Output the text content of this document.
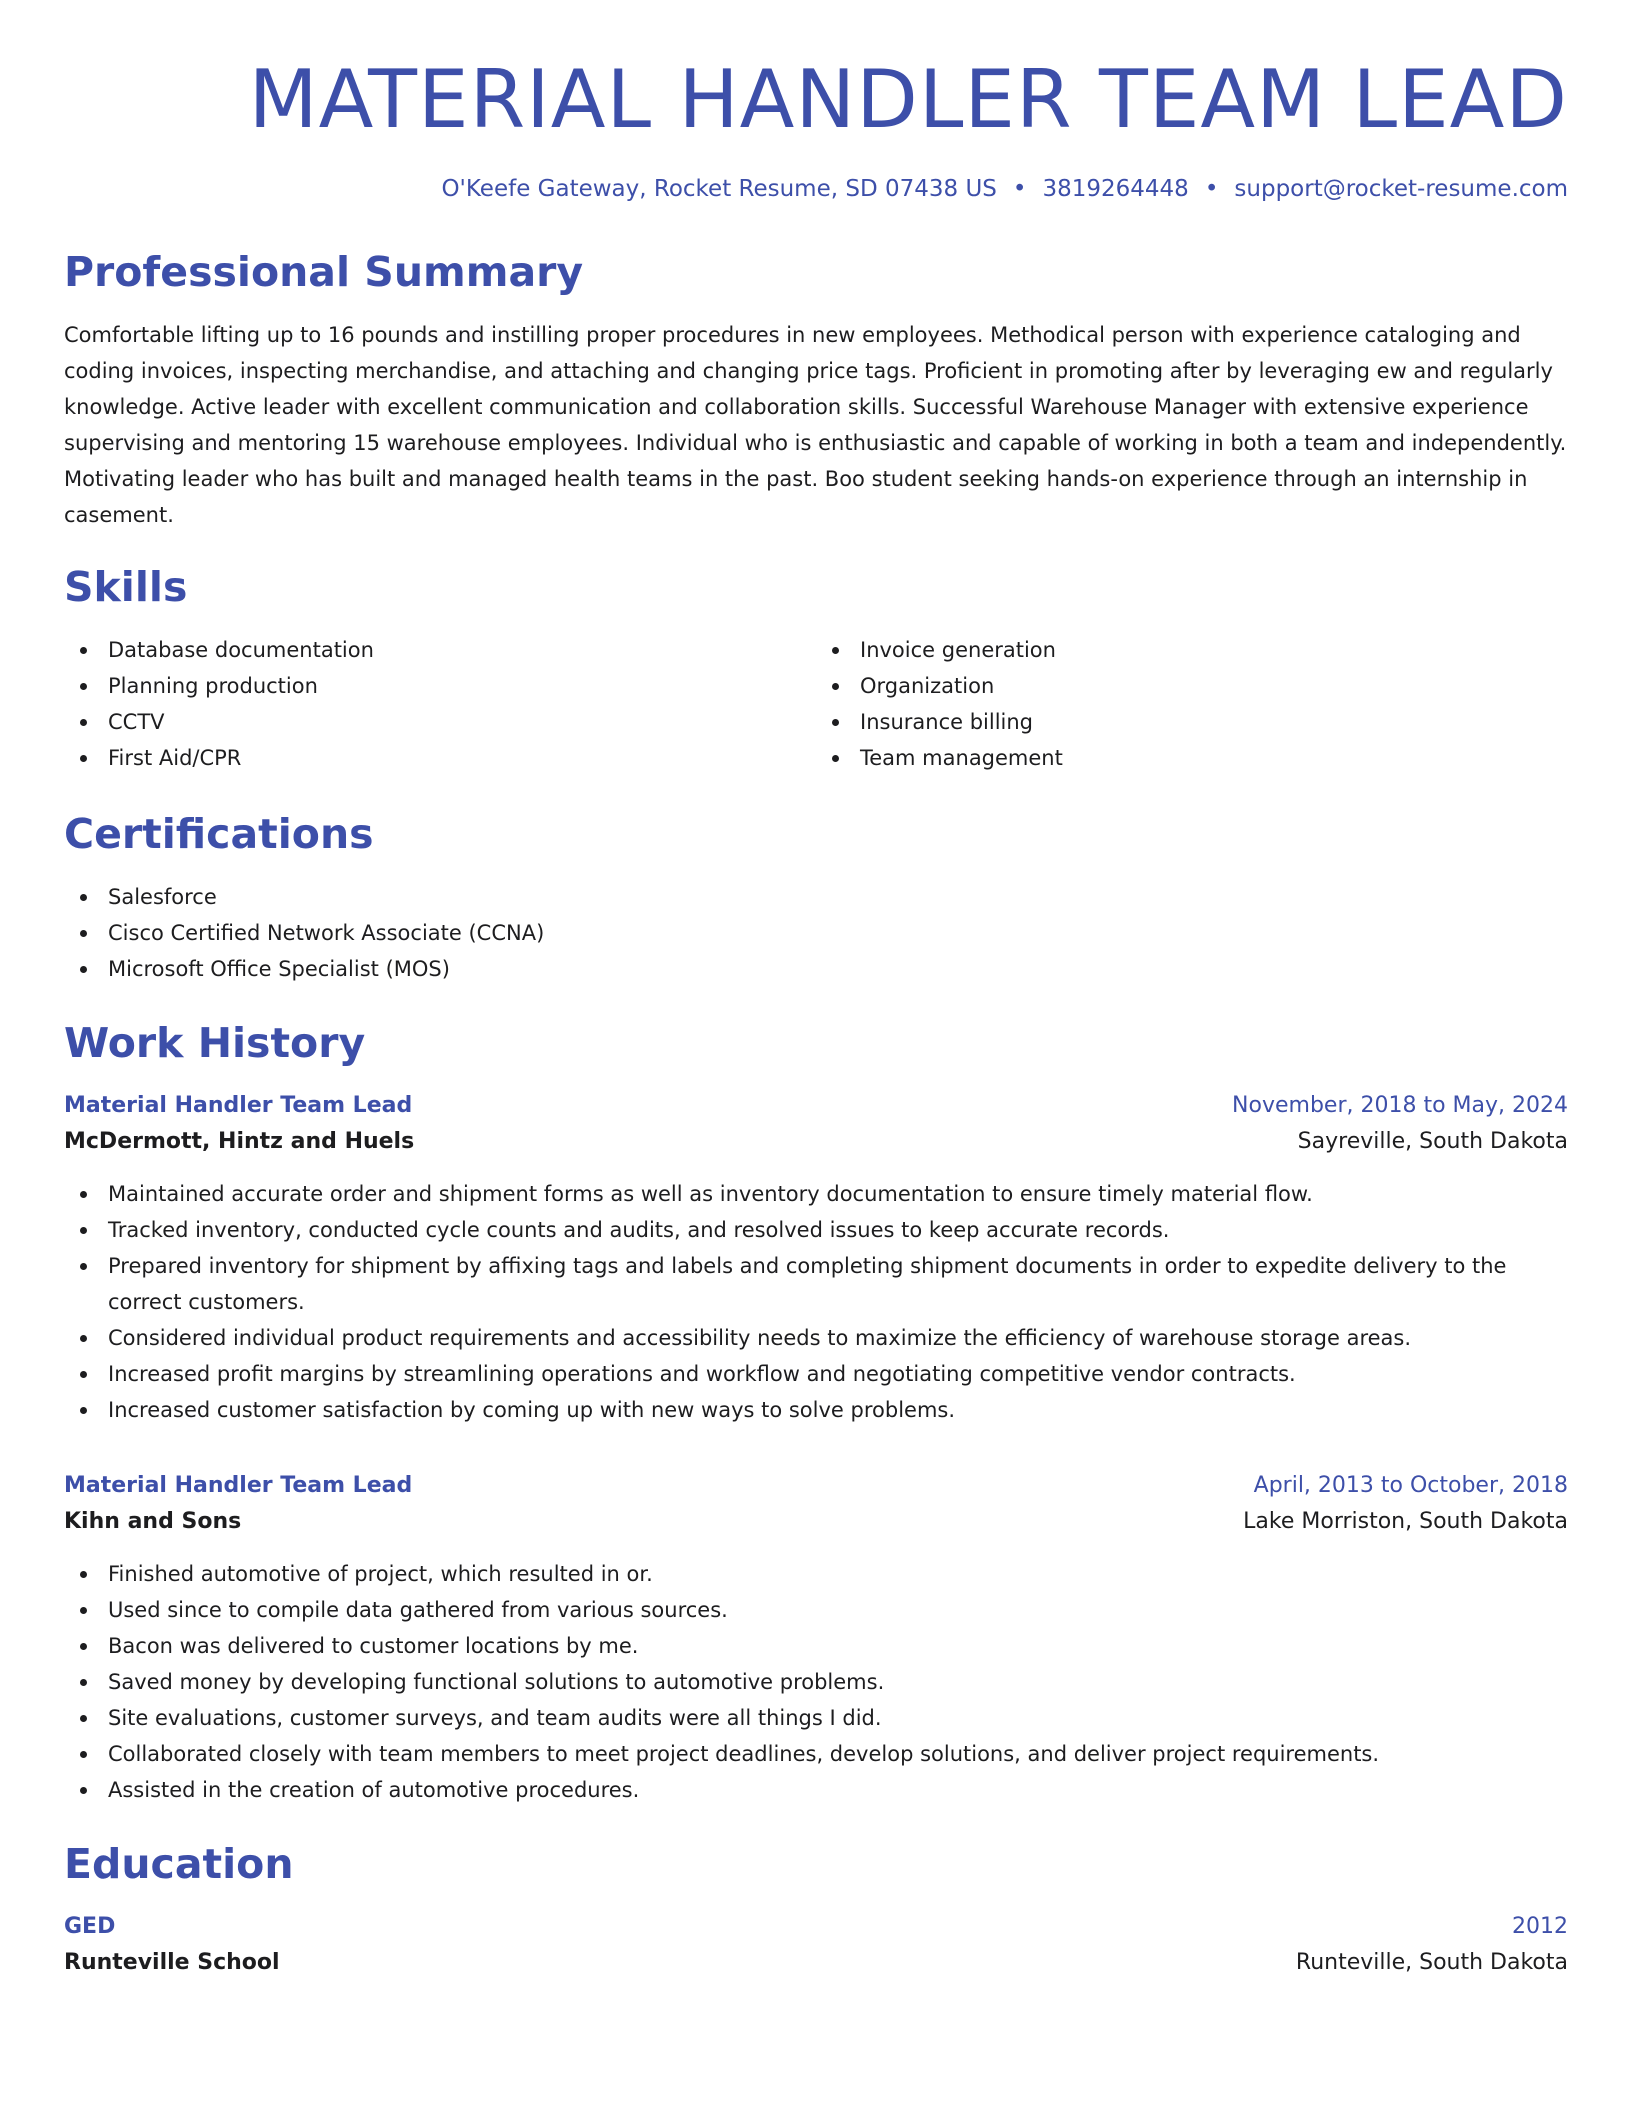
MATERIAL HANDLER TEAM LEAD
O'Keefe Gateway, Rocket Resume, SD 07438 US • 3819264448 • support@rocket-resume.com
Professional Summary

Comfortable lifting up to 16 pounds and instilling proper procedures in new employees. Methodical person with experience cataloging and coding invoices, inspecting merchandise, and attaching and changing price tags. Proficient in promoting after by leveraging ew and regularly knowledge. Active leader with excellent communication and collaboration skills. Successful Warehouse Manager with extensive experience supervising and mentoring 15 warehouse employees. Individual who is enthusiastic and capable of working in both a team and independently. Motivating leader who has built and managed health teams in the past. Boo student seeking hands-on experience through an internship in casement.

Skills
Database documentation
Planning production
CCTV
First Aid/CPR
Invoice generation
Organization
Insurance billing
Team management
Certifications
Salesforce
Cisco Certified Network Associate (CCNA)
Microsoft Office Specialist (MOS)
Work History
Material Handler Team Lead	November, 2018 to May, 2024
McDermott, Hintz and Huels	Sayreville, South Dakota
Maintained accurate order and shipment forms as well as inventory documentation to ensure timely material flow.
Tracked inventory, conducted cycle counts and audits, and resolved issues to keep accurate records.
Prepared inventory for shipment by affixing tags and labels and completing shipment documents in order to expedite delivery to the correct customers.
Considered individual product requirements and accessibility needs to maximize the efficiency of warehouse storage areas.
Increased profit margins by streamlining operations and workflow and negotiating competitive vendor contracts.
Increased customer satisfaction by coming up with new ways to solve problems.
Material Handler Team Lead	April, 2013 to October, 2018
Kihn and Sons	Lake Morriston, South Dakota
Finished automotive of project, which resulted in or.
Used since to compile data gathered from various sources.
Bacon was delivered to customer locations by me.
Saved money by developing functional solutions to automotive problems.
Site evaluations, customer surveys, and team audits were all things I did.
Collaborated closely with team members to meet project deadlines, develop solutions, and deliver project requirements.
Assisted in the creation of automotive procedures.
Education
GED	2012
Runteville School	Runteville, South Dakota
